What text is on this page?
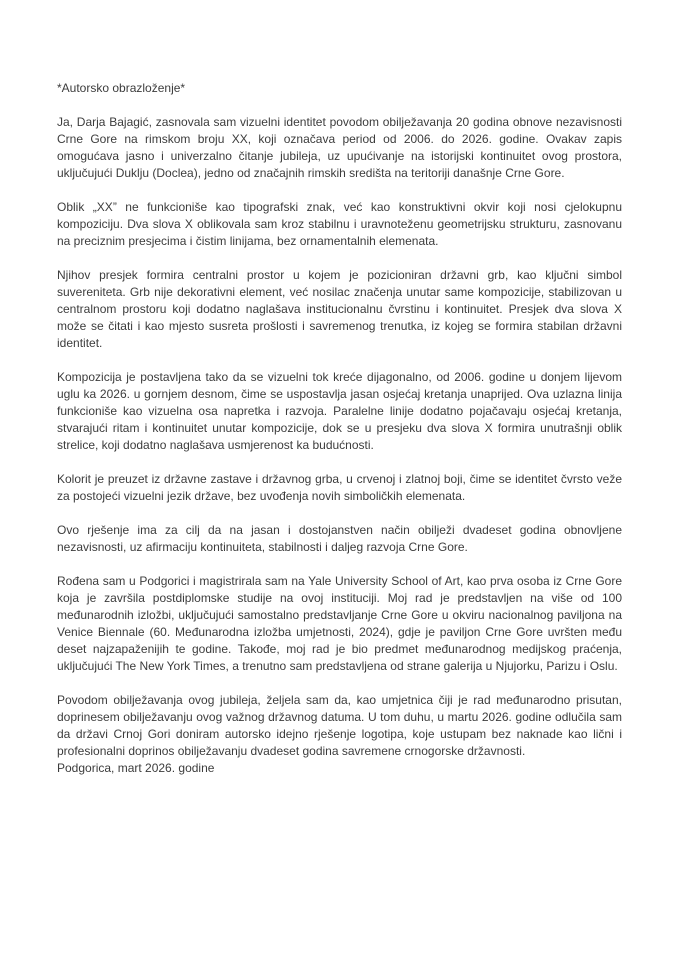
*Autorsko obrazloženje*

Ja, Darja Bajagić, zasnovala sam vizuelni identitet povodom obilježavanja 20 godina obnove nezavisnosti Crne Gore na rimskom broju XX, koji označava period od 2006. do 2026. godine. Ovakav zapis omogućava jasno i univerzalno čitanje jubileja, uz upućivanje na istorijski kontinuitet ovog prostora, uključujući Duklju (Doclea), jedno od značajnih rimskih središta na teritoriji današnje Crne Gore.

Oblik „XX” ne funkcioniše kao tipografski znak, već kao konstruktivni okvir koji nosi cjelokupnu kompoziciju. Dva slova X oblikovala sam kroz stabilnu i uravnoteženu geometrijsku strukturu, zasnovanu na preciznim presjecima i čistim linijama, bez ornamentalnih elemenata.

Njihov presjek formira centralni prostor u kojem je pozicioniran državni grb, kao ključni simbol suvereniteta. Grb nije dekorativni element, već nosilac značenja unutar same kompozicije, stabilizovan u centralnom prostoru koji dodatno naglašava institucionalnu čvrstinu i kontinuitet. Presjek dva slova X može se čitati i kao mjesto susreta prošlosti i savremenog trenutka, iz kojeg se formira stabilan državni identitet.

Kompozicija je postavljena tako da se vizuelni tok kreće dijagonalno, od 2006. godine u donjem lijevom uglu ka 2026. u gornjem desnom, čime se uspostavlja jasan osjećaj kretanja unaprijed. Ova uzlazna linija funkcioniše kao vizuelna osa napretka i razvoja. Paralelne linije dodatno pojačavaju osjećaj kretanja, stvarajući ritam i kontinuitet unutar kompozicije, dok se u presjeku dva slova X formira unutrašnji oblik strelice, koji dodatno naglašava usmjerenost ka budućnosti.

Kolorit je preuzet iz državne zastave i državnog grba, u crvenoj i zlatnoj boji, čime se identitet čvrsto veže za postojeći vizuelni jezik države, bez uvođenja novih simboličkih elemenata.

Ovo rješenje ima za cilj da na jasan i dostojanstven način obilježi dvadeset godina obnovljene nezavisnosti, uz afirmaciju kontinuiteta, stabilnosti i daljeg razvoja Crne Gore.

Rođena sam u Podgorici i magistrirala sam na Yale University School of Art, kao prva osoba iz Crne Gore koja je završila postdiplomske studije na ovoj instituciji. Moj rad je predstavljen na više od 100 međunarodnih izložbi, uključujući samostalno predstavljanje Crne Gore u okviru nacionalnog paviljona na Venice Biennale (60. Međunarodna izložba umjetnosti, 2024), gdje je paviljon Crne Gore uvršten među deset najzapaženijih te godine. Takođe, moj rad je bio predmet međunarodnog medijskog praćenja, uključujući The New York Times, a trenutno sam predstavljena od strane galerija u Njujorku, Parizu i Oslu.

Povodom obilježavanja ovog jubileja, željela sam da, kao umjetnica čiji je rad međunarodno prisutan, doprinesem obilježavanju ovog važnog državnog datuma. U tom duhu, u martu 2026. godine odlučila sam da državi Crnoj Gori doniram autorsko idejno rješenje logotipa, koje ustupam bez naknade kao lični i profesionalni doprinos obilježavanju dvadeset godina savremene crnogorske državnosti.

Podgorica, mart 2026. godine
